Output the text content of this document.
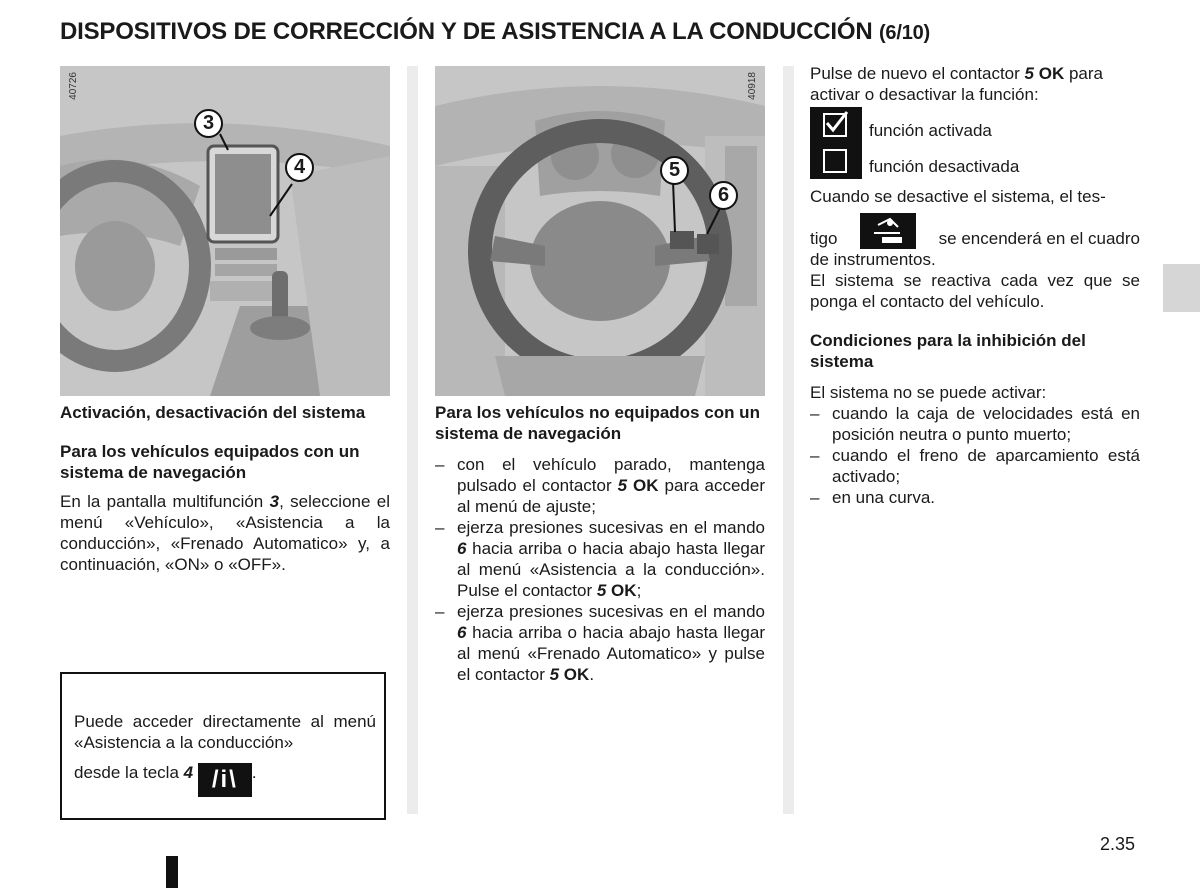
DISPOSITIVOS DE CORRECCIÓN Y DE ASISTENCIA A LA CONDUCCIÓN (6/10)
40726
3
4
40918
5
6

Activación, desactivación del sistema

Para los vehículos equipados con un sistema de navegación

En la pantalla multifunción 3, seleccione el menú «Vehículo», «Asistencia a la conducción», «Frenado Automatico» y, a continuación, «ON» o «OFF».

Puede acceder directamente al menú «Asistencia a la conducción»
desde la tecla 4 /i\ .

Para los vehículos no equipados con un sistema de navegación

– con el vehículo parado, mantenga pulsado el contactor 5 OK para acceder al menú de ajuste;
– ejerza presiones sucesivas en el mando 6 hacia arriba o hacia abajo hasta llegar al menú «Asistencia a la conducción». Pulse el contactor 5 OK;
– ejerza presiones sucesivas en el mando 6 hacia arriba o hacia abajo hasta llegar al menú «Frenado Automatico» y pulse el contactor 5 OK.

Pulse de nuevo el contactor 5 OK para activar o desactivar la función:

función activada
función desactivada

Cuando se desactive el sistema, el tes-

tigo	se encenderá en el cuadro

de instrumentos.

El sistema se reactiva cada vez que se ponga el contacto del vehículo.

Condiciones para la inhibición del sistema

El sistema no se puede activar:

– cuando la caja de velocidades está en posición neutra o punto muerto;
– cuando el freno de aparcamiento está activado;
– en una curva.
2.35
